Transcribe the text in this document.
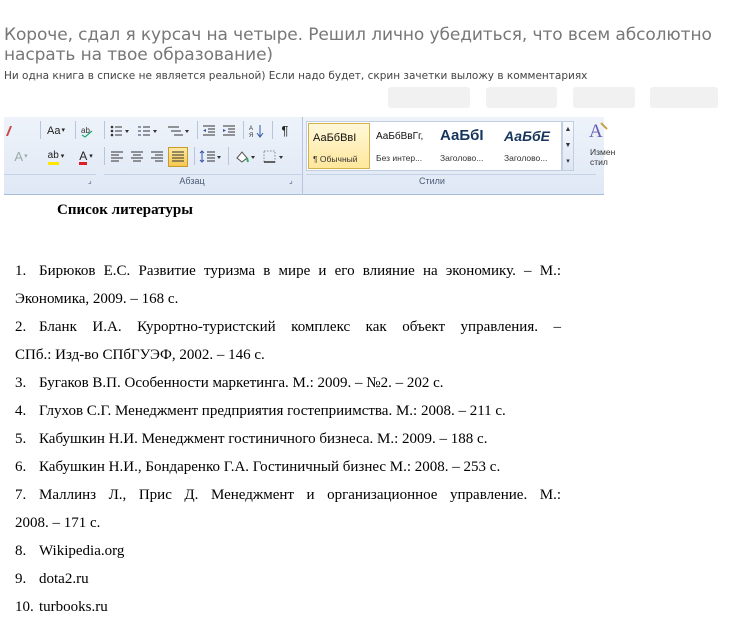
Короче, сдал я курсач на четыре. Решил лично убедиться, что всем абсолютно насрать на твое образование)
Ни одна книга в списке не является реальной) Если надо будет, скрин зачетки выложу в комментариях
Aa ▾ ab	A
Я ¶
A ▾ ab ▾ A ▾
⌟	Абзац	⌟
АаБбВвІ
¶ Обычный
АаБбВвГг,
Без интер...
АаБбІ
Заголово...
АаБбЕ
Заголово...
▲
▼
▾
A
Измен
стил
Стили
Список литературы
1. Бирюков Е.С. Развитие туризма в мире и его влияние на экономику. – М.:
Экономика, 2009. – 168 с.
2. Бланк И.А. Курортно-туристский комплекс как объект управления. –
СПб.: Изд-во СПбГУЭФ, 2002. – 146 с.
3. Бугаков В.П. Особенности маркетинга. М.: 2009. – №2. – 202 с.
4. Глухов С.Г. Менеджмент предприятия гостеприимства. М.: 2008. – 211 с.
5. Кабушкин Н.И. Менеджмент гостиничного бизнеса. М.: 2009. – 188 с.
6. Кабушкин Н.И., Бондаренко Г.А. Гостиничный бизнес М.: 2008. – 253 с.
7. Маллинз Л., Прис Д. Менеджмент и организационное управление. М.:
2008. – 171 с.
8. Wikipedia.org
9. dota2.ru
10. turbooks.ru
